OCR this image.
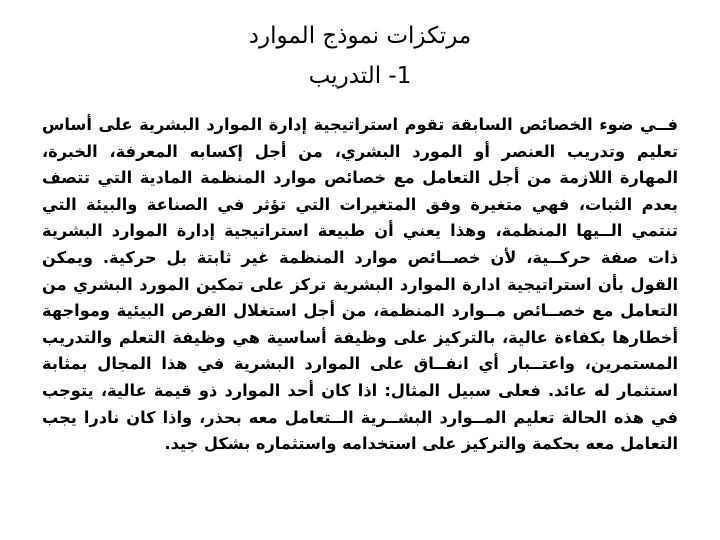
مرتكزات نموذج الموارد
1- التدريب

فــي ضوء الخصائص السابقة تقوم استراتيجية إدارة الموارد البشرية على أساس تعليم وتدريب العنصر أو المورد البشري، من أجل إكسابه المعرفة، الخبرة، المهارة اللازمة من أجل التعامل مع خصائص موارد المنظمة المادية التي تتصف بعدم الثبات، فهي متغيرة وفق المتغيرات التي تؤثر في الصناعة والبيئة التي تنتمي الــيها المنظمة، وهذا يعني أن طبيعة استراتيجية إدارة الموارد البشرية ذات صفة حركــية، لأن خصــائص موارد المنظمة غير ثابتة بل حركية. ويمكن القول بأن استراتيجية ادارة الموارد البشرية تركز على تمكين المورد البشري من التعامل مع خصــائص مــوارد المنظمة، من أجل استغلال الفرص البيئية ومواجهة أخطارها بكفاءة عالية، بالتركيز على وظيفة أساسية هي وظيفة التعلم والتدريب المستمرين، واعتــبار أي انفــاق على الموارد البشرية في هذا المجال بمثابة استثمار له عائد. فعلى سبيل المثال: اذا كان أحد الموارد ذو قيمة عالية، يتوجب في هذه الحالة تعليم المــوارد البشــرية الــتعامل معه بحذر، واذا كان نادرا يجب التعامل معه بحكمة والتركيز على استخدامه واستثماره بشكل جيد.
